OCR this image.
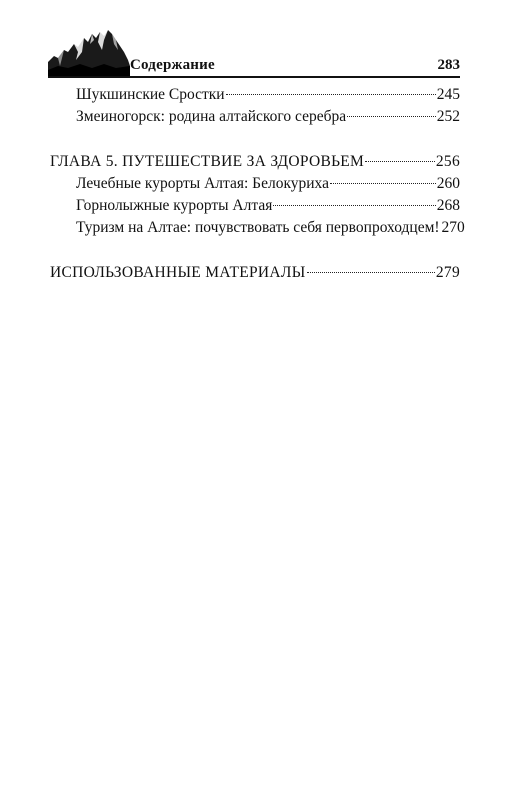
Содержание	283
Шукшинские Сростки	245
Змеиногорск: родина алтайского серебра	252
ГЛАВА 5. ПУТЕШЕСТВИЕ ЗА ЗДОРОВЬЕМ	256
Лечебные курорты Алтая: Белокуриха	260
Горнолыжные курорты Алтая	268
Туризм на Алтае: почувствовать себя первопроходцем! 270
ИСПОЛЬЗОВАННЫЕ МАТЕРИАЛЫ	279
